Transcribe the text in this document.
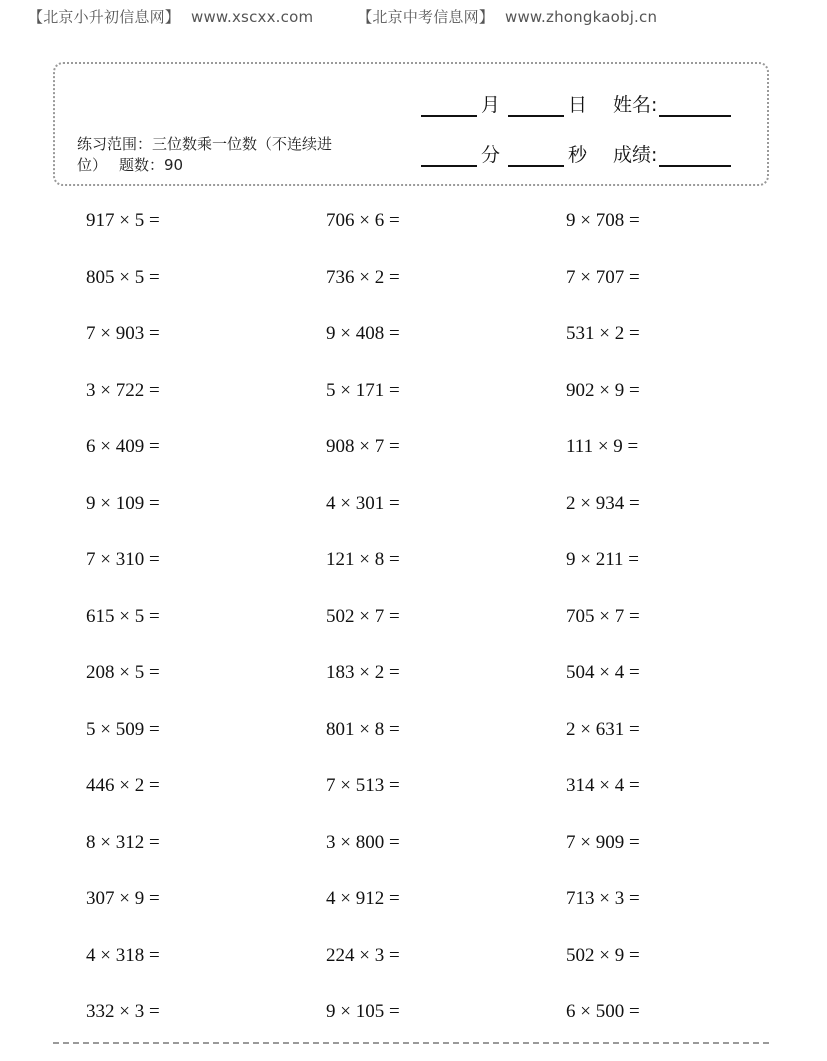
【北京小升初信息网】 www.xscxx.com	【北京中考信息网】 www.zhongkaobj.cn
月	日 姓名:
分	秒 成绩:
练习范围：三位数乘一位数（不连续进位） 题数：90
917 × 5 =	706 × 6 =	9 × 708 =
805 × 5 =	736 × 2 =	7 × 707 =
7 × 903 =	9 × 408 =	531 × 2 =
3 × 722 =	5 × 171 =	902 × 9 =
6 × 409 =	908 × 7 =	111 × 9 =
9 × 109 =	4 × 301 =	2 × 934 =
7 × 310 =	121 × 8 =	9 × 211 =
615 × 5 =	502 × 7 =	705 × 7 =
208 × 5 =	183 × 2 =	504 × 4 =
5 × 509 =	801 × 8 =	2 × 631 =
446 × 2 =	7 × 513 =	314 × 4 =
8 × 312 =	3 × 800 =	7 × 909 =
307 × 9 =	4 × 912 =	713 × 3 =
4 × 318 =	224 × 3 =	502 × 9 =
332 × 3 =	9 × 105 =	6 × 500 =
